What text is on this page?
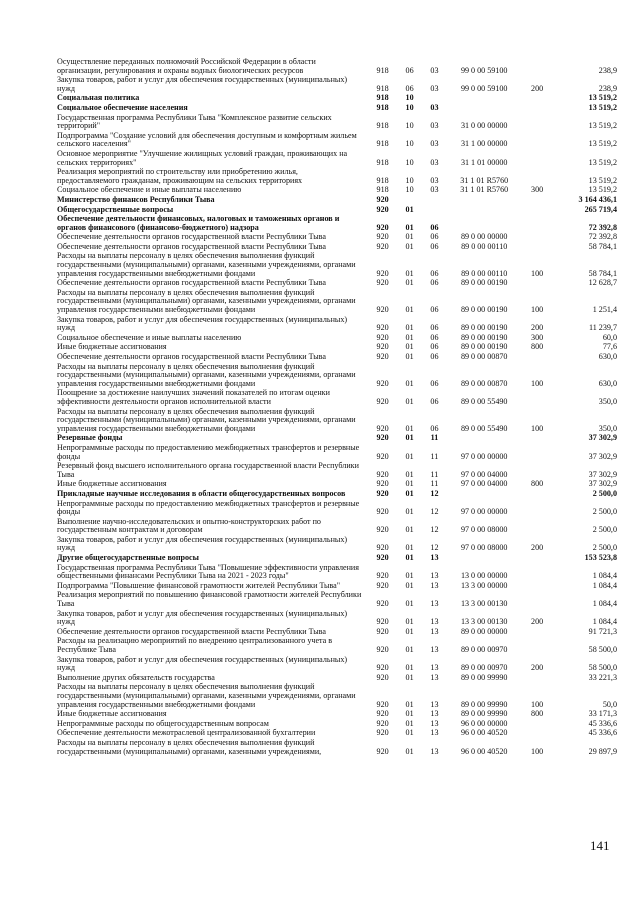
Осуществление переданных полномочий Российской Федерации в области организации, регулирования и охраны водных биологических ресурсов	918	06	03	99 0 00 59100		238,9
Закупка товаров, работ и услуг для обеспечения государственных (муниципальных) нужд	918	06	03	99 0 00 59100	200	238,9
Социальная политика	918	10				13 519,2
Социальное обеспечение населения	918	10	03			13 519,2
Государственная программа Республики Тыва "Комплексное развитие сельских территорий"	918	10	03	31 0 00 00000		13 519,2
Подпрограмма "Создание условий для обеспечения доступным и комфортным жильем сельского населения"	918	10	03	31 1 00 00000		13 519,2
Основное мероприятие "Улучшение жилищных условий граждан, проживающих на сельских территориях"	918	10	03	31 1 01 00000		13 519,2
Реализация мероприятий по строительству или приобретению жилья, предоставляемого гражданам, проживающим на сельских территориях	918	10	03	31 1 01 R5760		13 519,2
Социальное обеспечение и иные выплаты населению	918	10	03	31 1 01 R5760	300	13 519,2
Министерство финансов Республики Тыва	920					3 164 436,1
Общегосударственные вопросы	920	01				265 719,4
Обеспечение деятельности финансовых, налоговых и таможенных органов и органов финансового (финансово-бюджетного) надзора	920	01	06			72 392,8
Обеспечение деятельности органов государственной власти Республики Тыва	920	01	06	89 0 00 00000		72 392,8
Обеспечение деятельности органов государственной власти Республики Тыва	920	01	06	89 0 00 00110		58 784,1
Расходы на выплаты персоналу в целях обеспечения выполнения функций государственными (муниципальными) органами, казенными учреждениями, органами управления государственными внебюджетными фондами	920	01	06	89 0 00 00110	100	58 784,1
Обеспечение деятельности органов государственной власти Республики Тыва	920	01	06	89 0 00 00190		12 628,7
Расходы на выплаты персоналу в целях обеспечения выполнения функций государственными (муниципальными) органами, казенными учреждениями, органами управления государственными внебюджетными фондами	920	01	06	89 0 00 00190	100	1 251,4
Закупка товаров, работ и услуг для обеспечения государственных (муниципальных) нужд	920	01	06	89 0 00 00190	200	11 239,7
Социальное обеспечение и иные выплаты населению	920	01	06	89 0 00 00190	300	60,0
Иные бюджетные ассигнования	920	01	06	89 0 00 00190	800	77,6
Обеспечение деятельности органов государственной власти Республики Тыва	920	01	06	89 0 00 00870		630,0
Расходы на выплаты персоналу в целях обеспечения выполнения функций государственными (муниципальными) органами, казенными учреждениями, органами управления государственными внебюджетными фондами	920	01	06	89 0 00 00870	100	630,0
Поощрение за достижение наилучших значений показателей по итогам оценки эффективности деятельности органов исполнительной власти	920	01	06	89 0 00 55490		350,0
Расходы на выплаты персоналу в целях обеспечения выполнения функций государственными (муниципальными) органами, казенными учреждениями, органами управления государственными внебюджетными фондами	920	01	06	89 0 00 55490	100	350,0
Резервные фонды	920	01	11			37 302,9
Непрограммные расходы по предоставлению межбюджетных трансфертов и резервные фонды	920	01	11	97 0 00 00000		37 302,9
Резервный фонд высшего исполнительного органа государственной власти Республики Тыва	920	01	11	97 0 00 04000		37 302,9
Иные бюджетные ассигнования	920	01	11	97 0 00 04000	800	37 302,9
Прикладные научные исследования в области общегосударственных вопросов	920	01	12			2 500,0
Непрограммные расходы по предоставлению межбюджетных трансфертов и резервные фонды	920	01	12	97 0 00 00000		2 500,0
Выполнение научно-исследовательских и опытно-конструкторских работ по государственным контрактам и договорам	920	01	12	97 0 00 08000		2 500,0
Закупка товаров, работ и услуг для обеспечения государственных (муниципальных) нужд	920	01	12	97 0 00 08000	200	2 500,0
Другие общегосударственные вопросы	920	01	13			153 523,8
Государственная программа Республики Тыва "Повышение эффективности управления общественными финансами Республики Тыва на 2021 - 2023 годы"	920	01	13	13 0 00 00000		1 084,4
Подпрограмма "Повышение финансовой грамотности жителей Республики Тыва"	920	01	13	13 3 00 00000		1 084,4
Реализация мероприятий по повышению финансовой грамотности жителей Республики Тыва	920	01	13	13 3 00 00130		1 084,4
Закупка товаров, работ и услуг для обеспечения государственных (муниципальных) нужд	920	01	13	13 3 00 00130	200	1 084,4
Обеспечение деятельности органов государственной власти Республики Тыва	920	01	13	89 0 00 00000		91 721,3
Расходы на реализацию мероприятий по внедрению централизованного учета в Республике Тыва	920	01	13	89 0 00 00970		58 500,0
Закупка товаров, работ и услуг для обеспечения государственных (муниципальных) нужд	920	01	13	89 0 00 00970	200	58 500,0
Выполнение других обязательств государства	920	01	13	89 0 00 99990		33 221,3
Расходы на выплаты персоналу в целях обеспечения выполнения функций государственными (муниципальными) органами, казенными учреждениями, органами управления государственными внебюджетными фондами	920	01	13	89 0 00 99990	100	50,0
Иные бюджетные ассигнования	920	01	13	89 0 00 99990	800	33 171,3
Непрограммные расходы по общегосударственным вопросам	920	01	13	96 0 00 00000		45 336,6
Обеспечение деятельности межотраслевой централизованной бухгалтерии	920	01	13	96 0 00 40520		45 336,6
Расходы на выплаты персоналу в целях обеспечения выполнения функций государственными (муниципальными) органами, казенными учреждениями,	920	01	13	96 0 00 40520	100	29 897,9
141
